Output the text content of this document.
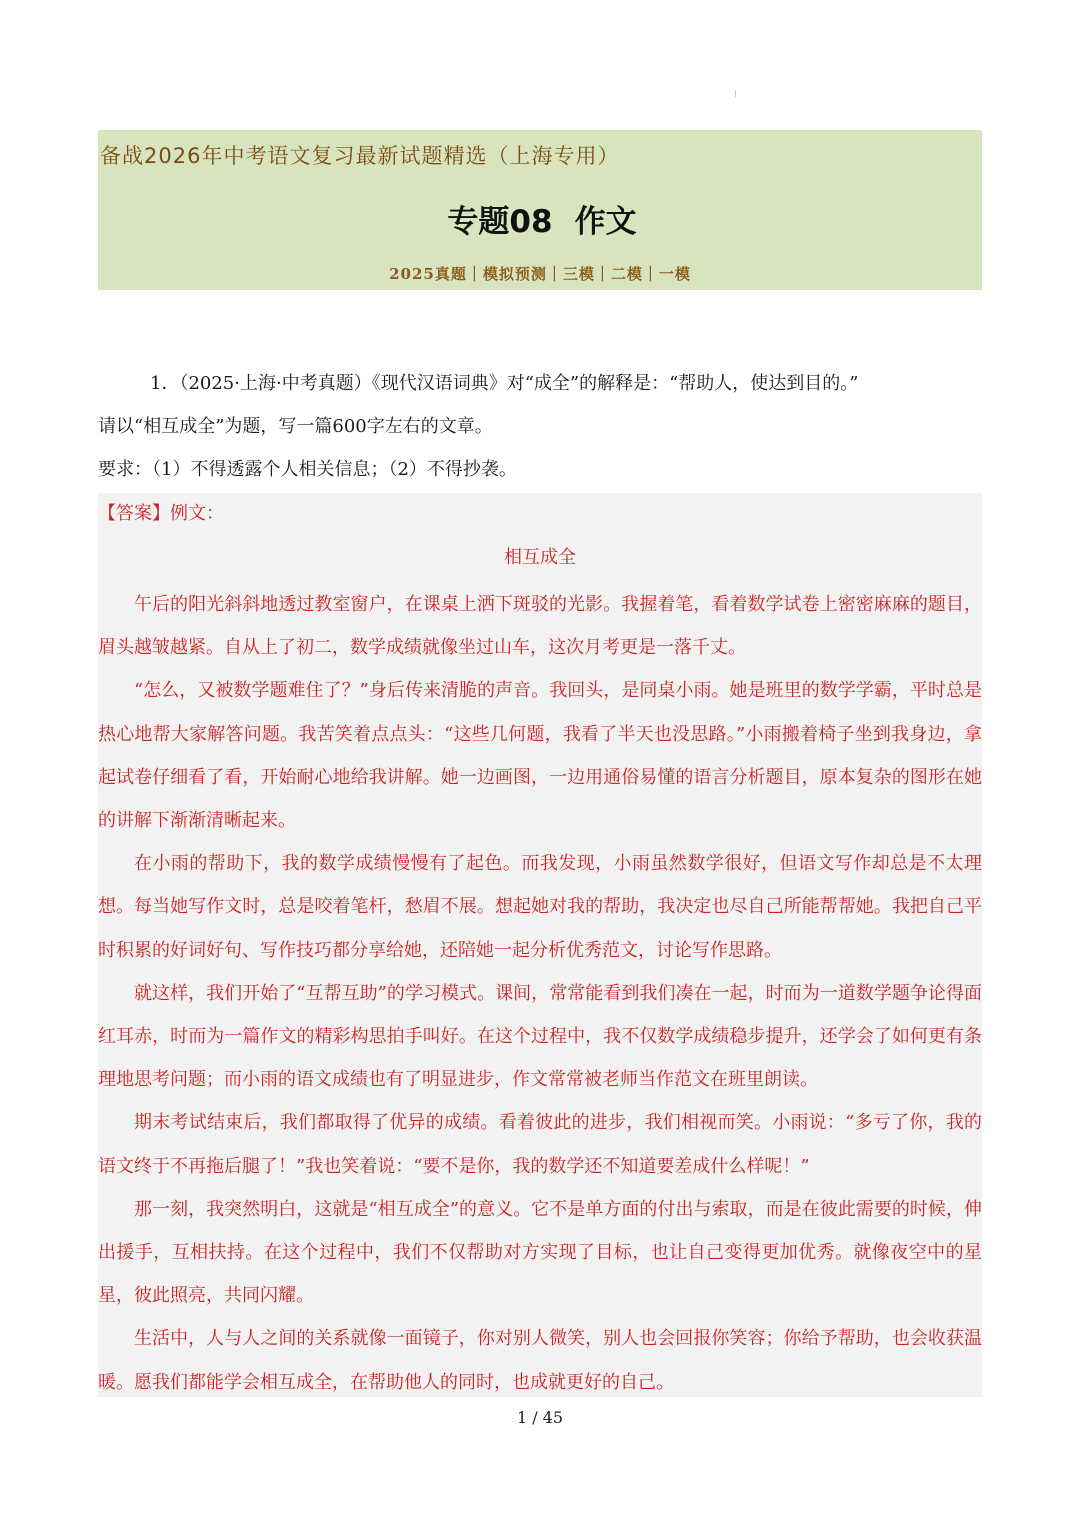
备战2026年中考语文复习最新试题精选（上海专用）
专题08 作文
2025真题｜模拟预测｜三模｜二模｜一模
1．（2025·上海·中考真题）《现代汉语词典》对“成全”的解释是：“帮助人，使达到目的。”
请以“相互成全”为题，写一篇600字左右的文章。
要求：（1）不得透露个人相关信息；（2）不得抄袭。
【答案】例文：
相互成全

午后的阳光斜斜地透过教室窗户，在课桌上洒下斑驳的光影。我握着笔，看着数学试卷上密密麻麻的题目，眉头越皱越紧。自从上了初二，数学成绩就像坐过山车，这次月考更是一落千丈。

“怎么，又被数学题难住了？”身后传来清脆的声音。我回头，是同桌小雨。她是班里的数学学霸，平时总是热心地帮大家解答问题。我苦笑着点点头：“这些几何题，我看了半天也没思路。”小雨搬着椅子坐到我身边，拿起试卷仔细看了看，开始耐心地给我讲解。她一边画图，一边用通俗易懂的语言分析题目，原本复杂的图形在她的讲解下渐渐清晰起来。

在小雨的帮助下，我的数学成绩慢慢有了起色。而我发现，小雨虽然数学很好，但语文写作却总是不太理想。每当她写作文时，总是咬着笔杆，愁眉不展。想起她对我的帮助，我决定也尽自己所能帮帮她。我把自己平时积累的好词好句、写作技巧都分享给她，还陪她一起分析优秀范文，讨论写作思路。

就这样，我们开始了“互帮互助”的学习模式。课间，常常能看到我们凑在一起，时而为一道数学题争论得面红耳赤，时而为一篇作文的精彩构思拍手叫好。在这个过程中，我不仅数学成绩稳步提升，还学会了如何更有条理地思考问题；而小雨的语文成绩也有了明显进步，作文常常被老师当作范文在班里朗读。

期末考试结束后，我们都取得了优异的成绩。看着彼此的进步，我们相视而笑。小雨说：“多亏了你，我的语文终于不再拖后腿了！”我也笑着说：“要不是你，我的数学还不知道要差成什么样呢！”

那一刻，我突然明白，这就是“相互成全”的意义。它不是单方面的付出与索取，而是在彼此需要的时候，伸出援手，互相扶持。在这个过程中，我们不仅帮助对方实现了目标，也让自己变得更加优秀。就像夜空中的星星，彼此照亮，共同闪耀。

生活中，人与人之间的关系就像一面镜子，你对别人微笑，别人也会回报你笑容；你给予帮助，也会收获温暖。愿我们都能学会相互成全，在帮助他人的同时，也成就更好的自己。

1 / 45
